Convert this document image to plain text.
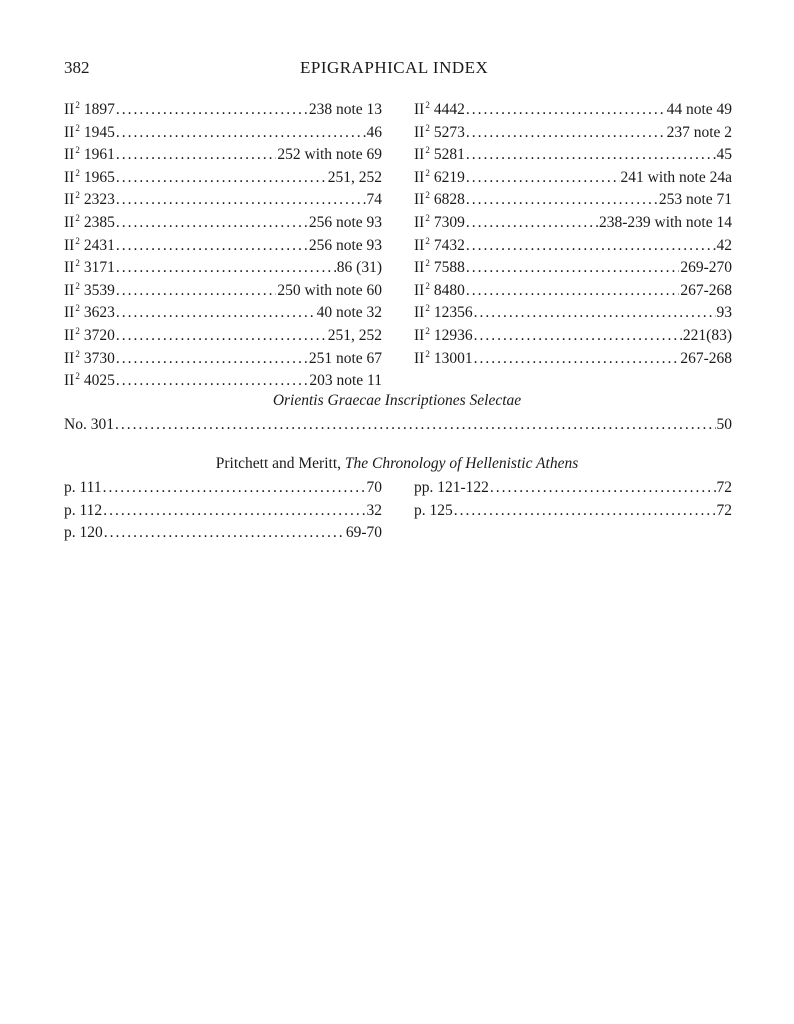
382	EPIGRAPHICAL INDEX
$II^2$ 1897 .....	238 note 13
$II^2$ 1945 .....	46
$II^2$ 1961 .....	252 with note 69
$II^2$ 1965 .....	251, 252
$II^2$ 2323 .....	74
$II^2$ 2385 .....	256 note 93
$II^2$ 2431 .....	256 note 93
$II^2$ 3171 .....	86 (31)
$II^2$ 3539 .....	250 with note 60
$II^2$ 3623 .....	40 note 32
$II^2$ 3720 .....	251, 252
$II^2$ 3730 .....	251 note 67
$II^2$ 4025 .....	203 note 11
$II^2$ 4442 .....	44 note 49
$II^2$ 5273 .....	237 note 2
$II^2$ 5281 .....	45
$II^2$ 6219 .....	241 with note 24a
$II^2$ 6828 .....	253 note 71
$II^2$ 7309 .....	238-239 with note 14
$II^2$ 7432 .....	42
$II^2$ 7588 .....	269-270
$II^2$ 8480 .....	267-268
$II^2$ 12356 .....	93
$II^2$ 12936 .....	221(83)
$II^2$ 13001 .....	267-268
Orientis Graecae Inscriptiones Selectae
No. 301 .....	50
Pritchett and Meritt, The Chronology of Hellenistic Athens
p. 111 .....	70
p. 112 .....	32
p. 120 .....	69-70
pp. 121-122 .....	72
p. 125 .....	72
